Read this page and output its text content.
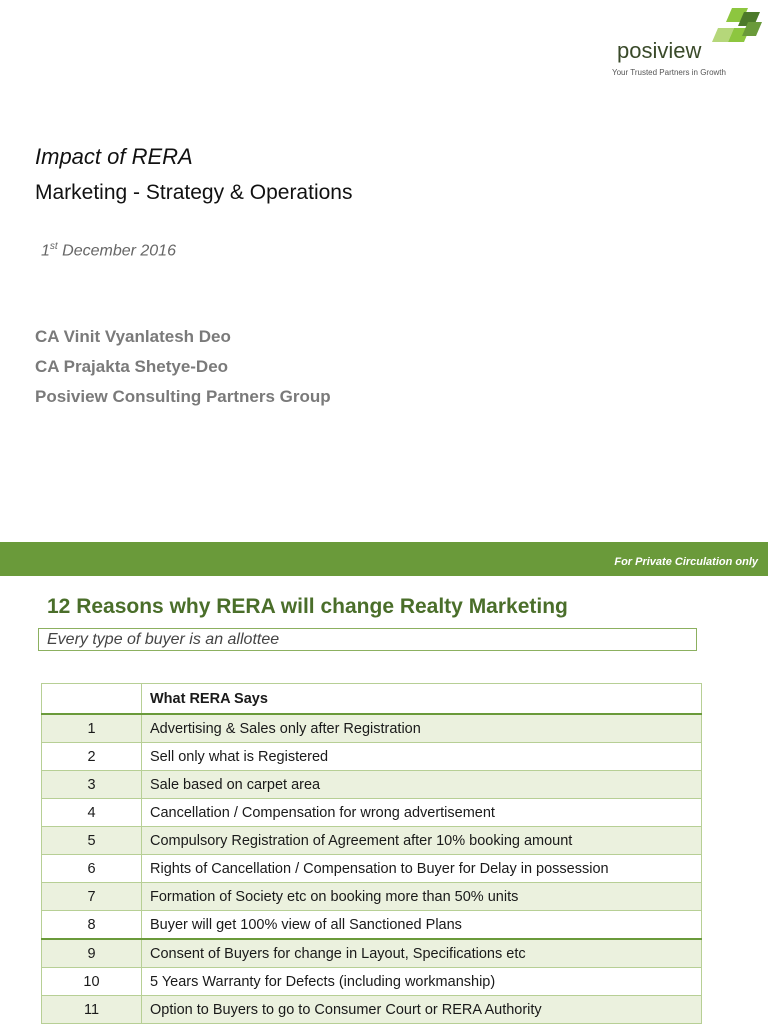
posiview
Your Trusted Partners in Growth
Impact of RERA
Marketing - Strategy & Operations
1st December 2016
CA Vinit Vyanlatesh Deo
CA Prajakta Shetye-Deo
Posiview Consulting Partners Group
For Private Circulation only
12 Reasons why RERA will change Realty Marketing
Every type of buyer is an allottee
	What RERA Says
1	Advertising & Sales only after Registration
2	Sell only what is Registered
3	Sale based on carpet area
4	Cancellation / Compensation for wrong advertisement
5	Compulsory Registration of Agreement after 10% booking amount
6	Rights of Cancellation / Compensation to Buyer for Delay in possession
7	Formation of Society etc on booking more than 50% units
8	Buyer will get 100% view of all Sanctioned Plans
9	Consent of Buyers for change in Layout, Specifications etc
10	5 Years Warranty for Defects (including workmanship)
11	Option to Buyers to go to Consumer Court or RERA Authority
